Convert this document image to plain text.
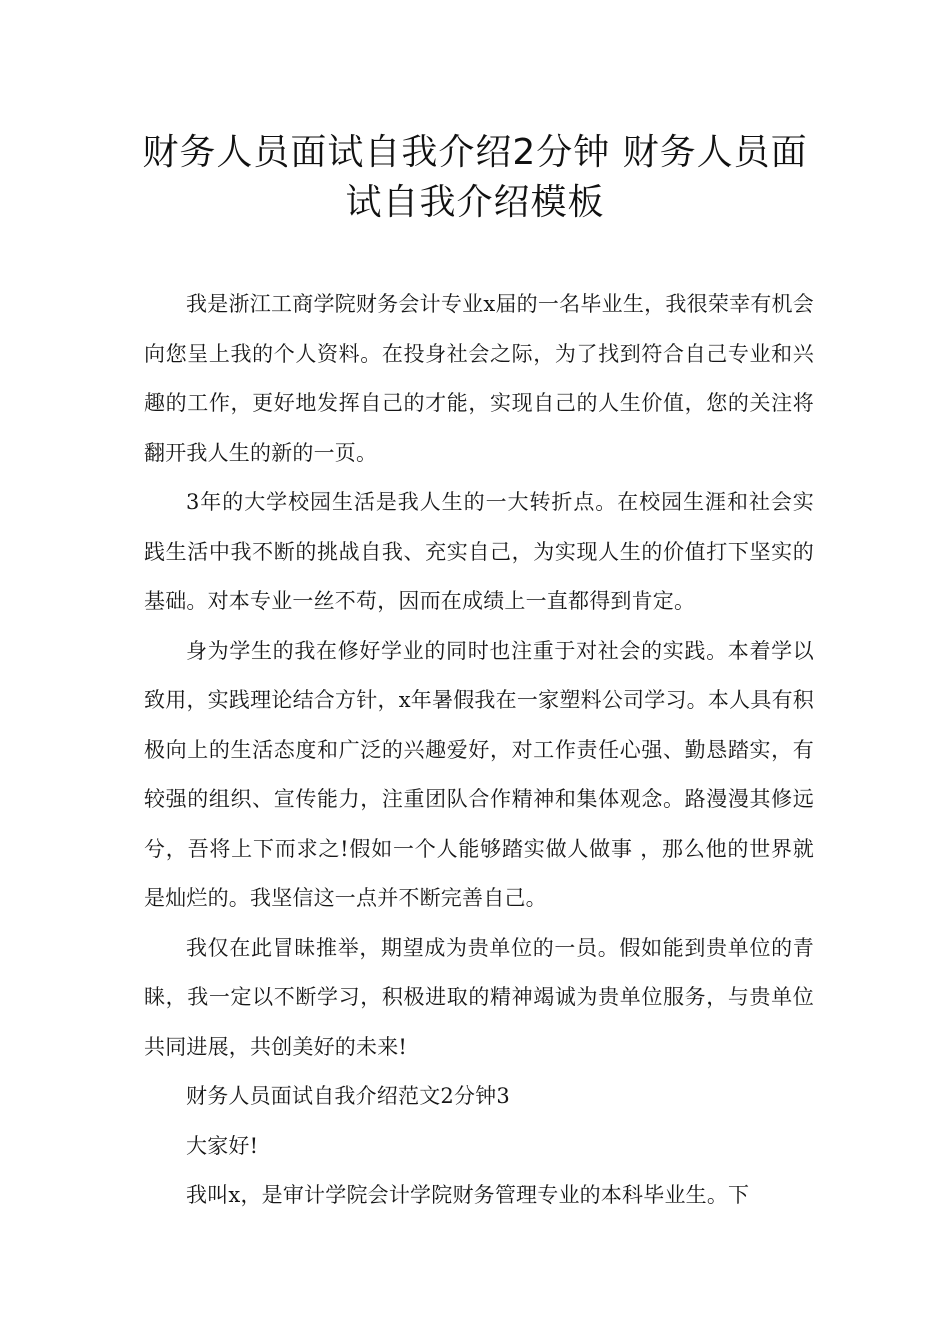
财务人员面试自我介绍2分钟 财务人员面试自我介绍模板

我是浙江工商学院财务会计专业x届的一名毕业生，我很荣幸有机会向您呈上我的个人资料。在投身社会之际，为了找到符合自己专业和兴趣的工作，更好地发挥自己的才能，实现自己的人生价值，您的关注将翻开我人生的新的一页。

3年的大学校园生活是我人生的一大转折点。在校园生涯和社会实践生活中我不断的挑战自我、充实自己，为实现人生的价值打下坚实的基础。对本专业一丝不苟，因而在成绩上一直都得到肯定。

身为学生的我在修好学业的同时也注重于对社会的实践。本着学以致用，实践理论结合方针，x年暑假我在一家塑料公司学习。本人具有积极向上的生活态度和广泛的兴趣爱好，对工作责任心强、勤恳踏实，有较强的组织、宣传能力，注重团队合作精神和集体观念。路漫漫其修远兮，吾将上下而求之!假如一个人能够踏实做人做事 ，那么他的世界就是灿烂的。我坚信这一点并不断完善自己。

我仅在此冒昧推举，期望成为贵单位的一员。假如能到贵单位的青睐，我一定以不断学习，积极进取的精神竭诚为贵单位服务，与贵单位共同进展，共创美好的未来!

财务人员面试自我介绍范文2分钟3

大家好!

我叫x，是审计学院会计学院财务管理专业的本科毕业生。下
